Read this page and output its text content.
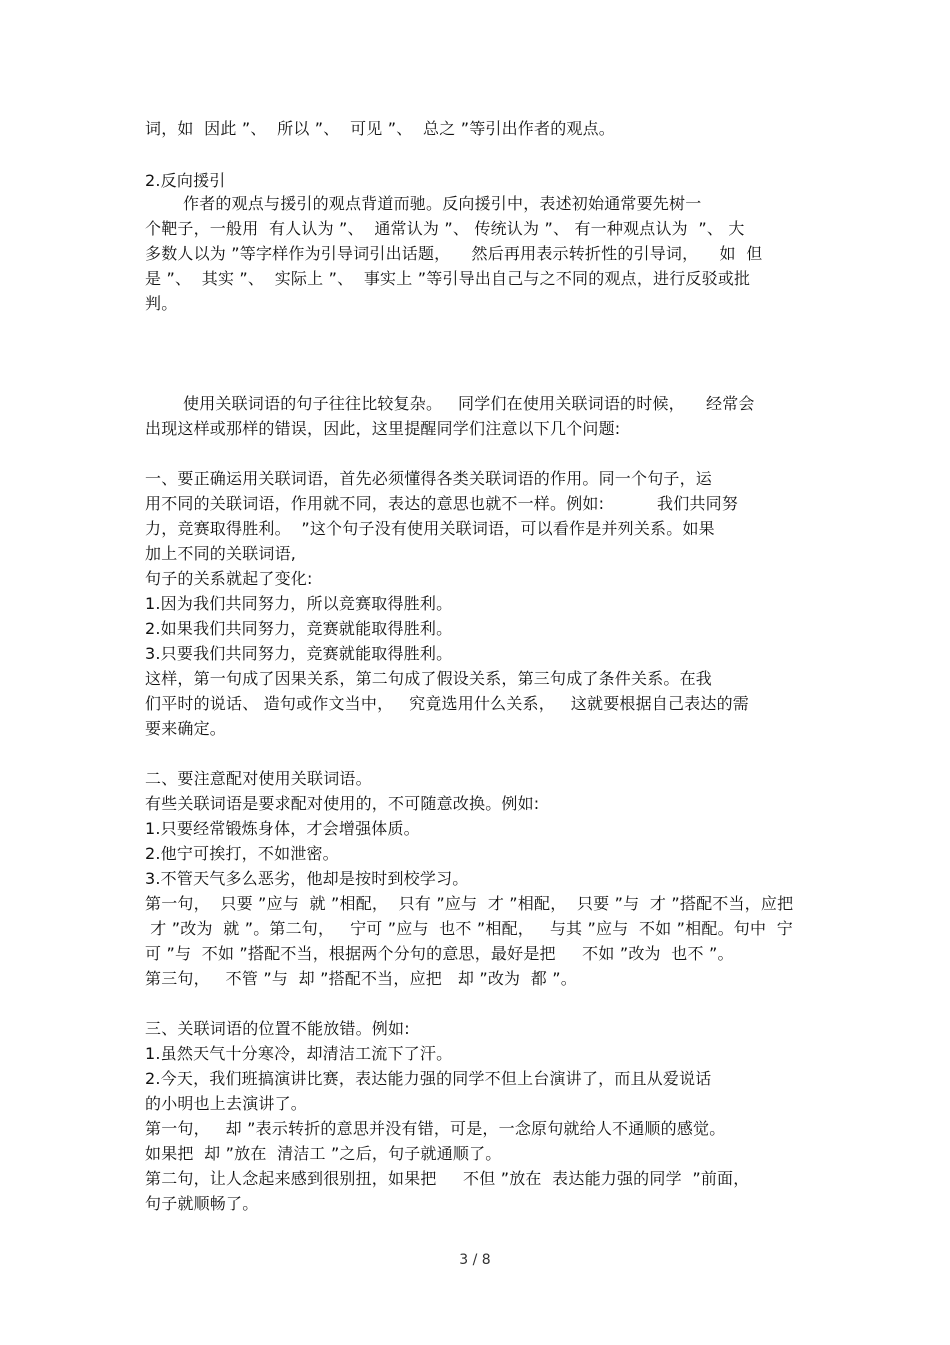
词，如  因此 ”、  所以 ”、  可见 ”、  总之 ”等引出作者的观点。
2.反向援引
作者的观点与援引的观点背道而驰。反向援引中，表述初始通常要先树一
个靶子，一般用  有人认为 ”、  通常认为 ”、 传统认为 ”、 有一种观点认为  ”、 大
多数人以为 ”等字样作为引导词引出话题，    然后再用表示转折性的引导词，    如  但
是 ”、  其实 ”、  实际上 ”、  事实上 ”等引导出自己与之不同的观点，进行反驳或批
判。
使用关联词语的句子往往比较复杂。   同学们在使用关联词语的时候，    经常会
出现这样或那样的错误，因此，这里提醒同学们注意以下几个问题:
一、要正确运用关联词语，首先必须懂得各类关联词语的作用。同一个句子，运
用不同的关联词语，作用就不同，表达的意思也就不一样。例如:          我们共同努
力，竞赛取得胜利。  ”这个句子没有使用关联词语，可以看作是并列关系。如果
加上不同的关联词语,
句子的关系就起了变化:
1.因为我们共同努力，所以竞赛取得胜利。
2.如果我们共同努力，竞赛就能取得胜利。
3.只要我们共同努力，竞赛就能取得胜利。
这样，第一句成了因果关系，第二句成了假设关系，第三句成了条件关系。在我
们平时的说话、 造句或作文当中，   究竟选用什么关系，   这就要根据自己表达的需
要来确定。
二、要注意配对使用关联词语。
有些关联词语是要求配对使用的，不可随意改换。例如:
1.只要经常锻炼身体，才会增强体质。
2.他宁可挨打，不如泄密。
3.不管天气多么恶劣，他却是按时到校学习。
第一句，  只要 ”应与  就 ”相配，  只有 ”应与  才 ”相配，  只要 ”与  才 ”搭配不当，应把
才 ”改为  就 ”。第二句，   宁可 ”应与  也不 ”相配，   与其 ”应与  不如 ”相配。句中  宁
可 ”与  不如 ”搭配不当，根据两个分句的意思，最好是把     不如 ”改为  也不 ”。
第三句，   不管 ”与  却 ”搭配不当，应把   却 ”改为  都 ”。
三、关联词语的位置不能放错。例如:
1.虽然天气十分寒冷，却清洁工流下了汗。
2.今天，我们班搞演讲比赛，表达能力强的同学不但上台演讲了，而且从爱说话
的小明也上去演讲了。
第一句，   却 ”表示转折的意思并没有错，可是，一念原句就给人不通顺的感觉。
如果把  却 ”放在  清洁工 ”之后，句子就通顺了。
第二句，让人念起来感到很别扭，如果把     不但 ”放在  表达能力强的同学  ”前面，
句子就顺畅了。
3 / 8
